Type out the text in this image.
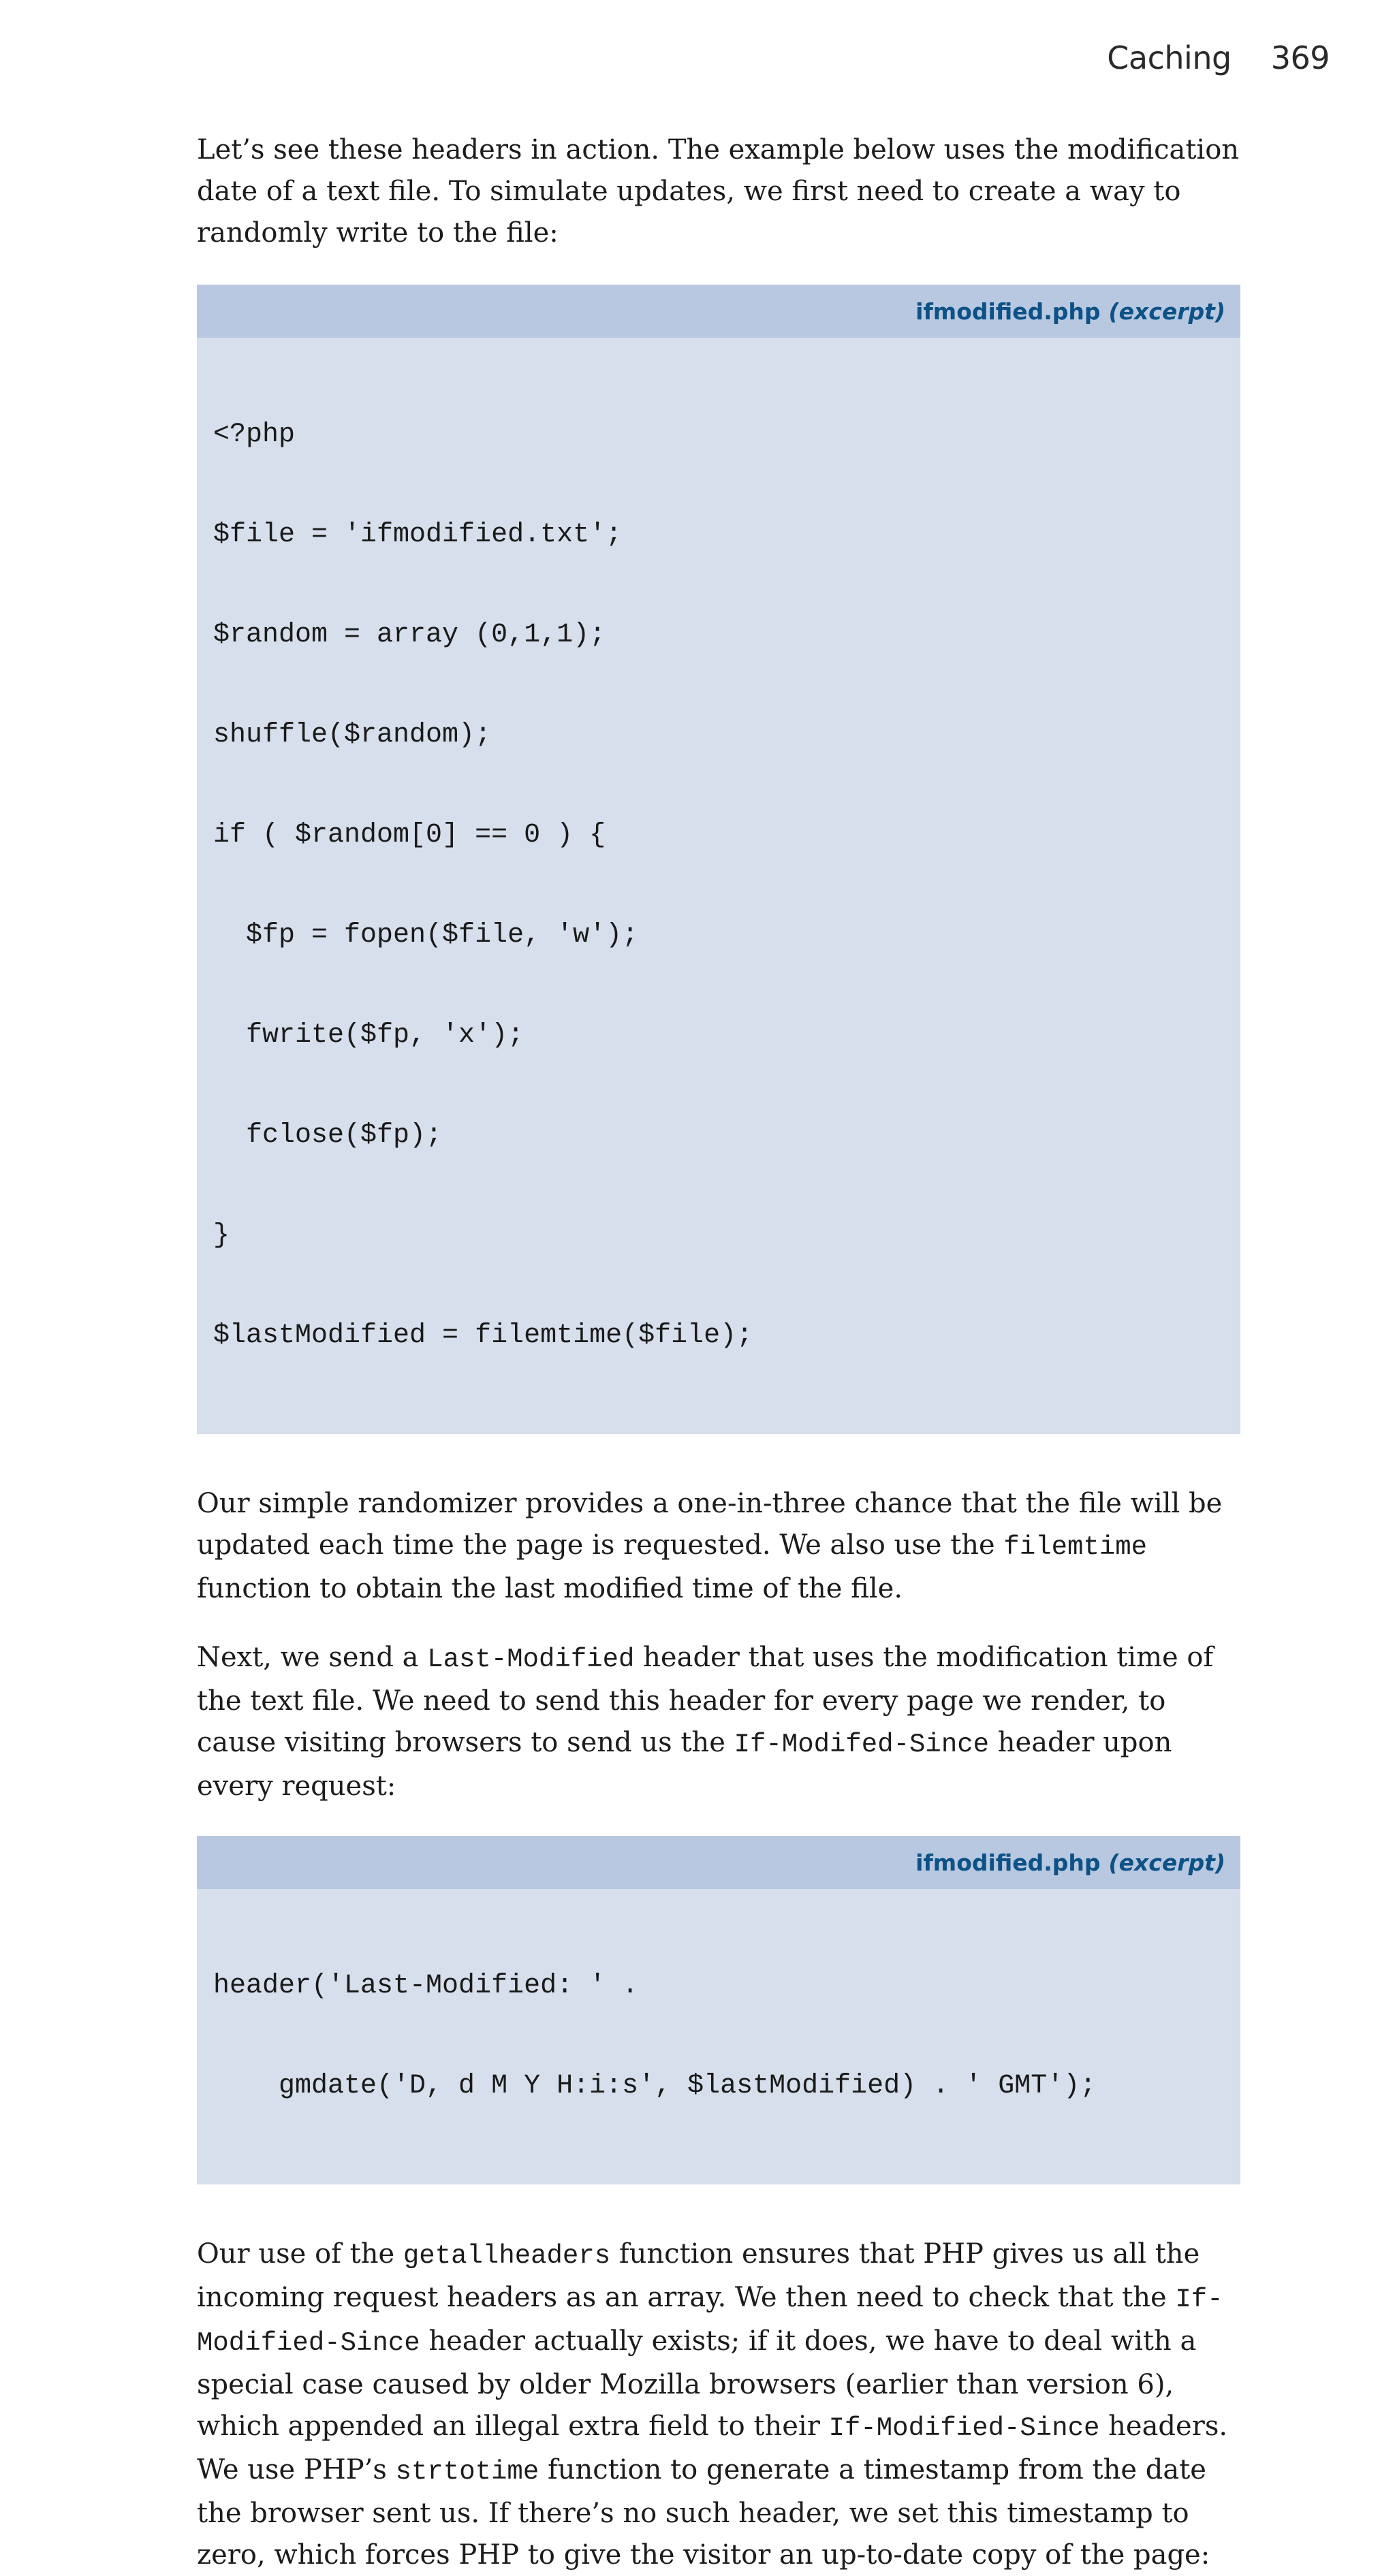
Caching 369

Let’s see these headers in action. The example below uses the modification date of a text file. To simulate updates, we first need to create a way to randomly write to the file:

ifmodified.php (excerpt)

<?php

$file = 'ifmodified.txt';

$random = array (0,1,1);

shuffle($random);

if ( $random[0] == 0 ) {

$fp = fopen($file, 'w');

fwrite($fp, 'x');

fclose($fp);

}

$lastModified = filemtime($file);

Our simple randomizer provides a one-in-three chance that the file will be updated each time the page is requested. We also use the filemtime function to obtain the last modified time of the file.

Next, we send a Last-Modified header that uses the modification time of the text file. We need to send this header for every page we render, to cause visiting browsers to send us the If-Modifed-Since header upon every request:

ifmodified.php (excerpt)

header('Last-Modified: ' .

gmdate('D, d M Y H:i:s', $lastModified) . ' GMT');

Our use of the getallheaders function ensures that PHP gives us all the incoming request headers as an array. We then need to check that the If-Modified-Since header actually exists; if it does, we have to deal with a special case caused by older Mozilla browsers (earlier than version 6), which appended an illegal extra field to their If-Modified-Since headers. We use PHP’s strtotime function to generate a timestamp from the date the browser sent us. If there’s no such header, we set this timestamp to zero, which forces PHP to give the visitor an up-to-date copy of the page:
